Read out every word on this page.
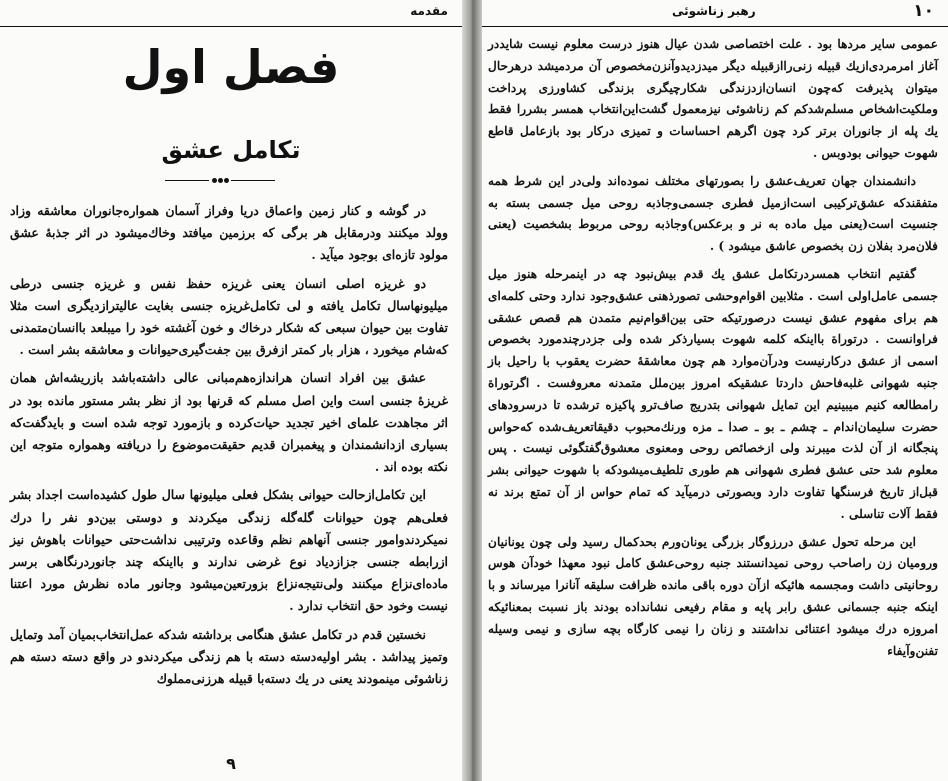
مقدمه
فصل اول
تكامل عشق

در گوشه و كنار زمين واعماق دريا وفراز آسمان همواره‌جانوران معاشقه وزاد وولد ميكنند ودرمقابل هر برگی كه برزمين ميافتد وخاك‌ميشود در اثر جذبهٔ عشق مولود تازه‌ای بوجود ميآيد .

دو غريزه اصلی انسان يعنی غريزه حفظ نفس و غريزه جنسی درطی ميليونهاسال تكامل يافته و لی تكامل‌غريزه جنسی بغايت عاليتر‌ازديگری است مثلا تفاوت بين حيوان سبعی كه شكار درخاك و خون آغشته خود را ميبلعد باانسان‌متمدنی كه‌شام ميخورد ، هزار بار كمتر ازفرق بين جفت‌گيری‌حيوانات و معاشقه بشر است .

عشق بين افراد انسان هرانداز‌ه‌هم‌مبانی عالی داشته‌باشد بازريشه‌اش همان غريزهٔ جنسی است واين اصل مسلم كه قرنها بود از نظر بشر مستور مانده بود در اثر مجاهدت علمای اخير تجديد حيات‌كرده و بازمورد توجه شده است و بايدگفت‌كه بسياری ازدانشمندان و پيغمبران قديم حقيقت‌موضوع را دريافته وهمواره متوجه اين نكته بوده اند .

اين تكامل‌ازحالت حيوانی بشكل فعلی ميليونها سال طول كشيده‌است اجداد بشر فعلی‌هم چون حيوانات گله‌گله زندگی ميكردند و دوستی بين‌دو نفر را درك نميكردندوامور جنسی آنهاهم نظم وقاعده وترتيبی نداشت‌حتی حيوانات باهوش نيز ازرابطه جنسی جزازدياد نوع غرضی ندارند و بااينكه چند جانوردرنگاهی برسر ماده‌ای‌نزاع ميكنند ولی‌نتيجه‌نزاع بزورتعين‌ميشود وجانور ماده نظرش مورد اعتنا نيست وخود حق انتخاب ندارد .

نخستين قدم در تكامل عشق هنگامی برداشته شدكه عمل‌انتخاب‌بميان آمد وتمايل وتميز پيدا‌شد . بشر اوليه‌دسته دسته با هم زندگی ميكردندو در واقع دسته دسته هم زناشوئی مينمودند يعنی در يك دسته‌با قبيله هرزنی‌مملوك

۹
رهبر زناشوئی	۱۰

عمومی ساير مردها بود . علت اختصاصی شدن عيال هنوز درست معلوم نيست شايددر آغاز امرمردی‌ازيك قبيله زنی‌را‌ازقبيله ديگر ميدزديدوآنزن‌مخصوص آن مردميشد درهرحال ميتوان پذيرفت كه‌چون انسان‌ازدزندگی شكارچيگری بزندگی كشاورزی پرداخت وملكيت‌اشخاص مسلم‌شدكم كم زناشوئی نيزمعمول گشت‌اين‌انتخاب همسر بشررا فقط يك پله از جانوران برتر كرد چون اگرهم احساسات و تميزی دركار بود بازعامل قاطع شهوت حيوانی بودوبس .

دانشمندان جهان تعريف‌عشق را بصورتهای مختلف نموده‌اند ولی‌در اين شرط همه متفقند‌كه عشق‌تركيبی است‌ازميل فطری جسمی‌وجاذبه روحی ميل جسمی بسته به جنسيت است(يعنی ميل ماده به نر و برعكس)وجاذبه روحی مربوط بشخصيت (يعنی فلان‌مرد بفلان زن بخصوص عاشق ميشود ) .

گفتيم انتخاب همسردرتكامل عشق يك قدم بيش‌نبود چه در اينمرحله هنوز ميل جسمی عامل‌اولی است . مثلابين اقوام‌وحشی تصورذهنی عشق‌وجود ندارد وحتی كلمه‌ای هم برای مفهوم عشق نيست درصورتيكه حتی بين‌اقوام‌نيم متمدن هم قصص عشقی فراوانست . درتوراة بااينكه كلمه شهوت بسيارذكر شده ولی جزدرچندمورد بخصوص اسمی از عشق دركارنيست ودرآن‌موارد هم چون معاشقهٔ حضرت يعقوب با راحيل باز جنبه شهوانی غلبه‌فاحش دارد‌تا عشقيكه امروز بين‌ملل متمدنه معروفست . اگرتوراة رامطالعه كنيم ميبينيم اين تمايل شهوانی بتدريج صاف‌ترو پاكيزه ترشده تا درسرودهای حضرت سليمان‌اندام ـ چشم ـ بو ـ صدا ـ مزه ورنك‌محبوب دقيقاتعريف‌شده كه‌حواس پنجگانه از آن لذت ميبرند ولی ازخصائص روحی ومعنوی معشوق‌گفتگوئی نيست . پس معلوم شد حتی عشق فطری شهوانی هم طوری تلطيف‌ميشودكه با شهوت حيوانی بشر قبل‌از تاريخ فرسنگها تفاوت دارد و‌بصورتی درميآيد كه تمام حواس از آن تمتع برند نه فقط آلات تناسلی .

اين مرحله تحول عشق دررزوگار بزرگی يونان‌ورم بحدكمال رسيد ولی چون يونانيان وروميان زن راصاحب روحی نميدانستند جنبه روحی‌عشق كامل نبود معهذا خودآن هوس روحانيتی داشت ومجسمه هائيكه ازآن دوره باقی مانده ظرافت سليقه آنانرا ميرساند و با اينكه جنبه جسمانی عشق رابر پايه و مقام رفيعی نشانداده بودند باز نسبت بمعنائيكه امروزه درك ميشود اعتنائی نداشتند و زنان را نيمی كارگاه بچه سازی و نيمی وسيله تفنن‌وآيفاء
